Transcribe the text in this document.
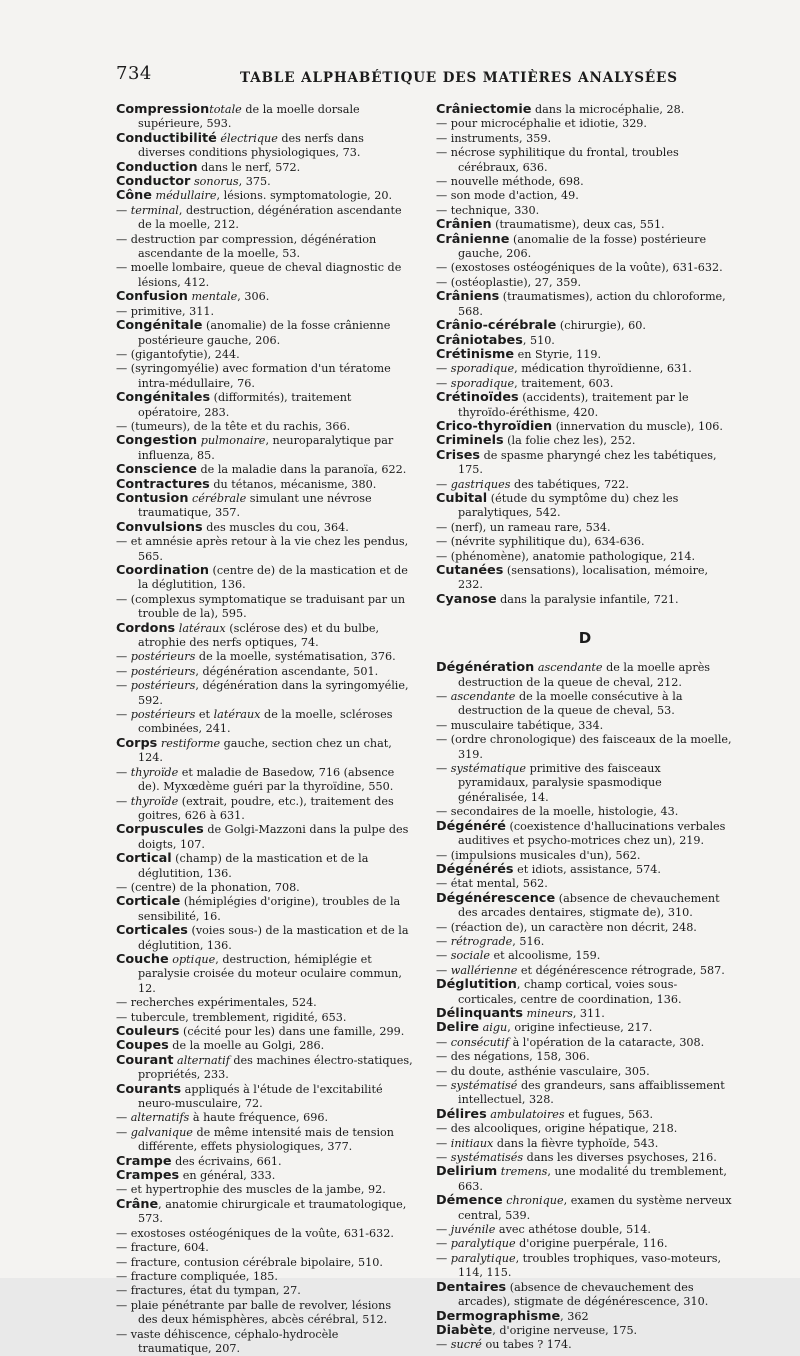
734	TABLE ALPHABÉTIQUE DES MATIÈRES ANALYSÉES
Compressiontotale de la moelle dorsale supérieure, 593.
Conductibilité électrique des nerfs dans diverses conditions physiologiques, 73.
Conduction dans le nerf, 572.
Conductor sonorus, 375.
Cône médullaire, lésions. symptomatologie, 20.
— terminal, destruction, dégénération ascendante de la moelle, 212.
— destruction par compression, dégénération ascendante de la moelle, 53.
— moelle lombaire, queue de cheval diagnostic de lésions, 412.
Confusion mentale, 306.
— primitive, 311.
Congénitale (anomalie) de la fosse crânienne postérieure gauche, 206.
— (gigantofytie), 244.
— (syringomyélie) avec formation d'un tératome intra-médullaire, 76.
Congénitales (difformités), traitement opératoire, 283.
— (tumeurs), de la tête et du rachis, 366.
Congestion pulmonaire, neuroparalytique par influenza, 85.
Conscience de la maladie dans la paranoïa, 622.
Contractures du tétanos, mécanisme, 380.
Contusion cérébrale simulant une névrose traumatique, 357.
Convulsions des muscles du cou, 364.
— et amnésie après retour à la vie chez les pendus, 565.
Coordination (centre de) de la mastication et de la déglutition, 136.
— (complexus symptomatique se traduisant par un trouble de la), 595.
Cordons latéraux (sclérose des) et du bulbe, atrophie des nerfs optiques, 74.
— postérieurs de la moelle, systématisation, 376.
— postérieurs, dégénération ascendante, 501.
— postérieurs, dégénération dans la syringomyélie, 592.
— postérieurs et latéraux de la moelle, scléroses combinées, 241.
Corps restiforme gauche, section chez un chat, 124.
— thyroïde et maladie de Basedow, 716 (absence de). Myxœdème guéri par la thyroïdine, 550.
— thyroïde (extrait, poudre, etc.), traitement des goitres, 626 à 631.
Corpuscules de Golgi-Mazzoni dans la pulpe des doigts, 107.
Cortical (champ) de la mastication et de la déglutition, 136.
— (centre) de la phonation, 708.
Corticale (hémiplégies d'origine), troubles de la sensibilité, 16.
Corticales (voies sous-) de la mastication et de la déglutition, 136.
Couche optique, destruction, hémiplégie et paralysie croisée du moteur oculaire commun, 12.
— recherches expérimentales, 524.
— tubercule, tremblement, rigidité, 653.
Couleurs (cécité pour les) dans une famille, 299.
Coupes de la moelle au Golgi, 286.
Courant alternatif des machines électro-statiques, propriétés, 233.
Courants appliqués à l'étude de l'excitabilité neuro-musculaire, 72.
— alternatifs à haute fréquence, 696.
— galvanique de même intensité mais de tension différente, effets physiologiques, 377.
Crampe des écrivains, 661.
Crampes en général, 333.
— et hypertrophie des muscles de la jambe, 92.
Crâne, anatomie chirurgicale et traumatologique, 573.
— exostoses ostéogéniques de la voûte, 631-632.
— fracture, 604.
— fracture, contusion cérébrale bipolaire, 510.
— fracture compliquée, 185.
— fractures, état du tympan, 27.
— plaie pénétrante par balle de revolver, lésions des deux hémisphères, abcès cérébral, 512.
— vaste déhiscence, céphalo-hydrocèle traumatique, 207.
Crâniectomie dans la microcéphalie, 28.
— pour microcéphalie et idiotie, 329.
— instruments, 359.
— nécrose syphilitique du frontal, troubles cérébraux, 636.
— nouvelle méthode, 698.
— son mode d'action, 49.
— technique, 330.
Crânien (traumatisme), deux cas, 551.
Crânienne (anomalie de la fosse) postérieure gauche, 206.
— (exostoses ostéogéniques de la voûte), 631-632.
— (ostéoplastie), 27, 359.
Crâniens (traumatismes), action du chloroforme, 568.
Crânio-cérébrale (chirurgie), 60.
Crâniotabes, 510.
Crétinisme en Styrie, 119.
— sporadique, médication thyroïdienne, 631.
— sporadique, traitement, 603.
Crétinoïdes (accidents), traitement par le thyroïdo-éréthisme, 420.
Crico-thyroïdien (innervation du muscle), 106.
Criminels (la folie chez les), 252.
Crises de spasme pharyngé chez les tabétiques, 175.
— gastriques des tabétiques, 722.
Cubital (étude du symptôme du) chez les paralytiques, 542.
— (nerf), un rameau rare, 534.
— (névrite syphilitique du), 634-636.
— (phénomène), anatomie pathologique, 214.
Cutanées (sensations), localisation, mémoire, 232.
Cyanose dans la paralysie infantile, 721.
D
Dégénération ascendante de la moelle après destruction de la queue de cheval, 212.
— ascendante de la moelle consécutive à la destruction de la queue de cheval, 53.
— musculaire tabétique, 334.
— (ordre chronologique) des faisceaux de la moelle, 319.
— systématique primitive des faisceaux pyramidaux, paralysie spasmodique généralisée, 14.
— secondaires de la moelle, histologie, 43.
Dégénéré (coexistence d'hallucinations verbales auditives et psycho-motrices chez un), 219.
— (impulsions musicales d'un), 562.
Dégénérés et idiots, assistance, 574.
— état mental, 562.
Dégénérescence (absence de chevauchement des arcades dentaires, stigmate de), 310.
— (réaction de), un caractère non décrit, 248.
— rétrograde, 516.
— sociale et alcoolisme, 159.
— wallérienne et dégénérescence rétrograde, 587.
Déglutition, champ cortical, voies sous-corticales, centre de coordination, 136.
Délinquants mineurs, 311.
Delire aigu, origine infectieuse, 217.
— consécutif à l'opération de la cataracte, 308.
— des négations, 158, 306.
— du doute, asthénie vasculaire, 305.
— systématisé des grandeurs, sans affaiblissement intellectuel, 328.
Délires ambulatoires et fugues, 563.
— des alcooliques, origine hépatique, 218.
— initiaux dans la fièvre typhoïde, 543.
— systématisés dans les diverses psychoses, 216.
Delirium tremens, une modalité du tremblement, 663.
Démence chronique, examen du système nerveux central, 539.
— juvénile avec athétose double, 514.
— paralytique d'origine puerpérale, 116.
— paralytique, troubles trophiques, vaso-moteurs, 114, 115.
Dentaires (absence de chevauchement des arcades), stigmate de dégénérescence, 310.
Dermographisme, 362
Diabète, d'origine nerveuse, 175.
— sucré ou tabes ? 174.
